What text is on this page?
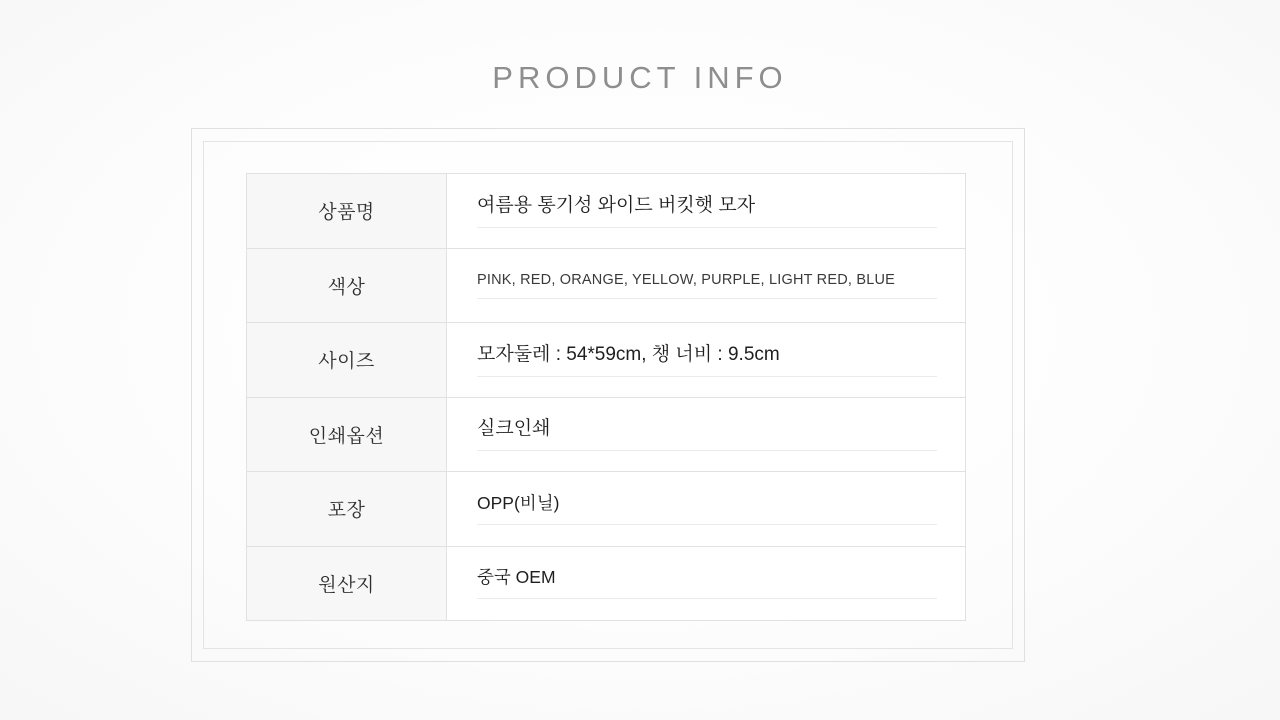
PRODUCT INFO
상품명	여름용 통기성 와이드 버킷햇 모자

색상	PINK, RED, ORANGE, YELLOW, PURPLE, LIGHT RED, BLUE

사이즈	모자둘레 : 54*59cm, 챙 너비 : 9.5cm

인쇄옵션	실크인쇄

포장	OPP(비닐)

원산지	중국 OEM
